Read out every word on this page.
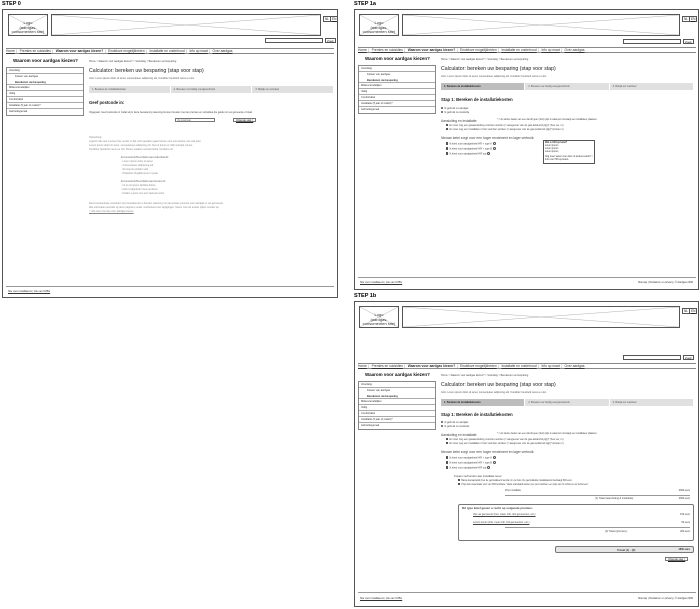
STEP 0
Logo
(aardgas-
consumenten site)
NL EN
Zoek
Home | Premies en subsidies | Waarom voor aardgas kiezen? | Eindeloze mogelijkheden | Installatie en onderhoud | Info op maat | Over aardgas
Waarom voor aardgas kiezen?	Home > Waarom voor aardgas kiezen? > Voordelig > Berekenen uw besparing
Voordelig
Kosten van aardgas
Berekenen uw besparing
Milieuvriendelijker
Veilig
Comfortabel
Installatie (5 jaar of ouder)?
Gebruiksgemak
Calculator: bereken uw besparing (stap voor stap)
Intro: Lorem ipsum dolor sit amet, consectetuer adipiscing elit. Curabitur hendrerit netus eu nisi.
1. Bereken de installatiekosten	2. Bereken uw huidig energieverbruik	3. Bekijk uw voordeel
Geef postcode in:
Opgepast: Geef postcode in zodat wij in deze berekening rekening kunnen houden met de premies en subsidies die gelden in uw gemeente of stad.
Uw postcode	Volgende stap >
Opmerking:
Logisch dat veel mensen hier eerder in dat soort gevallen gaan kiezen voor iets anders, iets wat past.
Lorem ipsum dolor sit amet, consectetuer adipiscing elit. Sed ut ipsum et nibh volutpat cursus.
Curabitur hendrerit netus eu nisi. Donec sodales suscipit tellus, tincidunt est.
Economisch/Voordelen aan zekerbeleid:
- Lorem ipsum dolor sit amet
- Consectetuer adipiscing elit
- Sit mauris porttitor velit
- Phasellus fringilla lorem in pede
Economisch/Voordelen aan kosten w:
- Ut ut est ipsum facilisis dolore
- Nam id dignissim risus ac libero
- Nullam a justo non sem laoreet luctus
Deze berekenbare voordelen zijn benaderend en houden rekening met de actuele premies voor aardgas in uw gemeente.
Alle informatie verstrekt op deze pagina is onder voorbehoud van wijzigingen. Neem voor de exacte cijfers contact op.
> Info over premies voor aardgas kiezen
Site over installateurs | site van KVBG
STEP 1a
Logo
(aardgas-
consumenten site)
NL EN
Zoek
Home | Premies en subsidies | Waarom voor aardgas kiezen? | Eindeloze mogelijkheden | Installatie en onderhoud | Info op maat | Over aardgas
Waarom voor aardgas kiezen?	Home > Waarom voor aardgas kiezen? > Voordelig > Berekenen uw besparing
Voordelig
Kosten van aardgas
Berekenen uw besparing
Milieuvriendelijker
Veilig
Comfortabel
Installatie (5 jaar of ouder)?
Gebruiksgemak
Calculator: bereken uw besparing (stap voor stap)
Intro: Lorem ipsum dolor sit amet, consectetuer adipiscing elit. Curabitur hendrerit netus eu nisi.
1. Bereken de installatiekosten	2. Bereken uw huidig energieverbruik	3. Bekijk uw voordeel
Stap 1: Bereken de installatiekosten
Ik gebruik nu aardgas
Ik gebruik nu stookolie
Aansluiting en installatie:	* = de karnie dealer van een dat dit geen (fout) prijs is waarvoor uitvraagt een installateur plaatsen.
Er moet nog een gasaansluiting voorzien worden (= aangevoer van de gas-kelder/uit pijp)* (hoe ver, m)
Er moet nog een installatie in huis voorzien worden (= aangevoer van de gas-kelder/uit pijp)* (kosten n)
Nieuwe ketel zorgt voor een hoger rendement en lager verbruik:
Ik kiest voor aardgasketel HR + type A
Ik kiest voor aardgasketel HR + type B
Ik kiest voor aardgasketel HR top
Wat is HR top ketel?
Lorem ipsum
Lorem ipsum
Lorem ipsum
Nog meer weten over deze of andere ketels? > Info over HR top ketels
Site over installateurs | site van KVBG	Sitemap | Disclaimer en privacy | © Aardgas 2006
STEP 1b
Logo
(aardgas-
consumenten site)
NL EN
Zoek
Home | Premies en subsidies | Waarom voor aardgas kiezen? | Eindeloze mogelijkheden | Installatie en onderhoud | Info op maat | Over aardgas
Waarom voor aardgas kiezen?	Home > Waarom voor aardgas kiezen? > Voordelig > Berekenen uw besparing
Voordelig
Kosten van aardgas
Berekenen uw besparing
Milieuvriendelijker
Veilig
Comfortabel
Installatie (5 jaar of ouder)?
Gebruiksgemak
Calculator: bereken uw besparing (stap voor stap)
Intro: Lorem ipsum dolor sit amet, consectetuer adipiscing elit. Curabitur hendrerit netus eu nisi.
1. Bereken de installatiekosten	2. Bereken uw huidig energieverbruik	3. Bekijk uw voordeel
Stap 1: Bereken de installatiekosten
Ik gebruik nu aardgas
Ik gebruik nu stookolie
Aansluiting en installatie:	* = de karnie dealer van een dat dit geen (fout) prijs is waarvoor uitvraagt een installateur plaatsen.
Er moet nog een gasaansluiting voorzien worden (= aangevoer van de gas-kelder/uit pijp)* (hoe ver, m)
Er moet nog een installatie in huis voorzien worden (= aangevoer van de gas-kelder/uit pijp)* (kosten n)
Nieuwe ketel zorgt voor een hoger rendement en lager verbruik:
Ik kiest voor aardgasketel HR + type A
Ik kiest voor aardgasketel HR + type B
Ik kiest voor aardgasketel HR top
Kosten verbonden aan installatie lener:
Basis-transactiekit (met de geïnstalleerd worden in uw huis. De gemiddelde installatiekost bedraagt 600 euro.
Prijs stelt zekerstaat voor van 300 kostbare. Vaste standaard kosten per pers hebben een prijs van 'Ik schat en uw schat een'
Prijs installatie	2000 euro
(1) Totaal (aansluiting & installatie):	2000 euro
Dit type ketel geven u recht op volgende premies:
Van uw gemeente (fout, staat, info, link gemeenten, etc.)	150 euro
Lorem ipsum (info, meer info, link gemeenten, etc.)	50 euro
(2) Totaal (premies):	200 euro
Totaal (1) - (2):	1800 euro
Volgende stap >
Site over installateurs | site van KVBG	Sitemap | Disclaimer en privacy | © Aardgas 2006
